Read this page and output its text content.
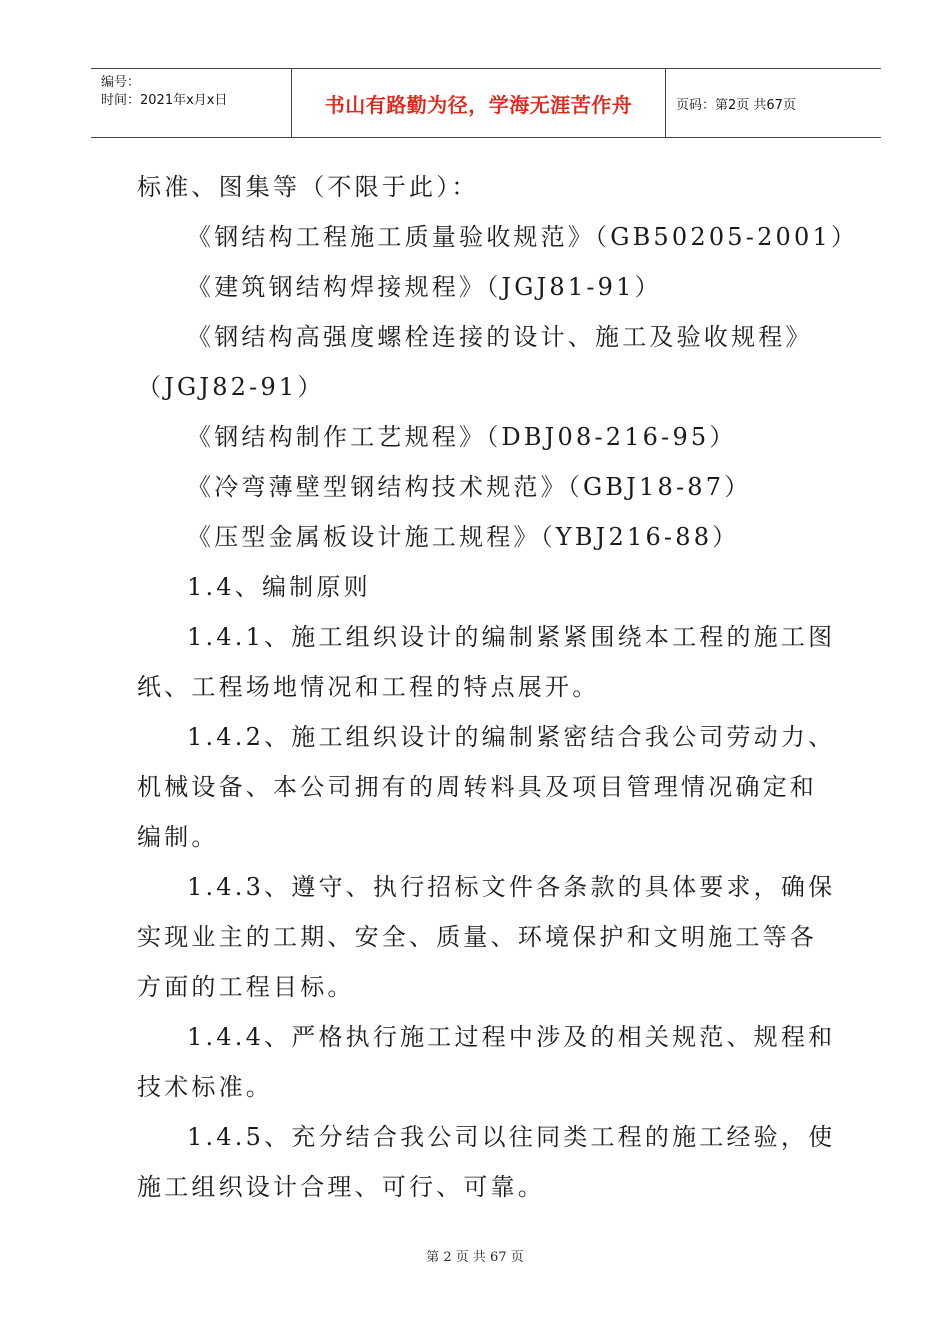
编号：
时间：2021年x月x日	书山有路勤为径，学海无涯苦作舟	页码：第2页 共67页
标准、图集等（不限于此）：
《钢结构工程施工质量验收规范》（GB50205-2001）
《建筑钢结构焊接规程》（JGJ81-91）
《钢结构高强度螺栓连接的设计、施工及验收规程》
（JGJ82-91）
《钢结构制作工艺规程》（DBJ08-216-95）
《冷弯薄壁型钢结构技术规范》（GBJ18-87）
《压型金属板设计施工规程》（YBJ216-88）
1.4、编制原则
1.4.1、施工组织设计的编制紧紧围绕本工程的施工图
纸、工程场地情况和工程的特点展开。
1.4.2、施工组织设计的编制紧密结合我公司劳动力、
机械设备、本公司拥有的周转料具及项目管理情况确定和
编制。
1.4.3、遵守、执行招标文件各条款的具体要求，确保
实现业主的工期、安全、质量、环境保护和文明施工等各
方面的工程目标。
1.4.4、严格执行施工过程中涉及的相关规范、规程和
技术标准。
1.4.5、充分结合我公司以往同类工程的施工经验，使
施工组织设计合理、可行、可靠。
第 2 页 共 67 页
